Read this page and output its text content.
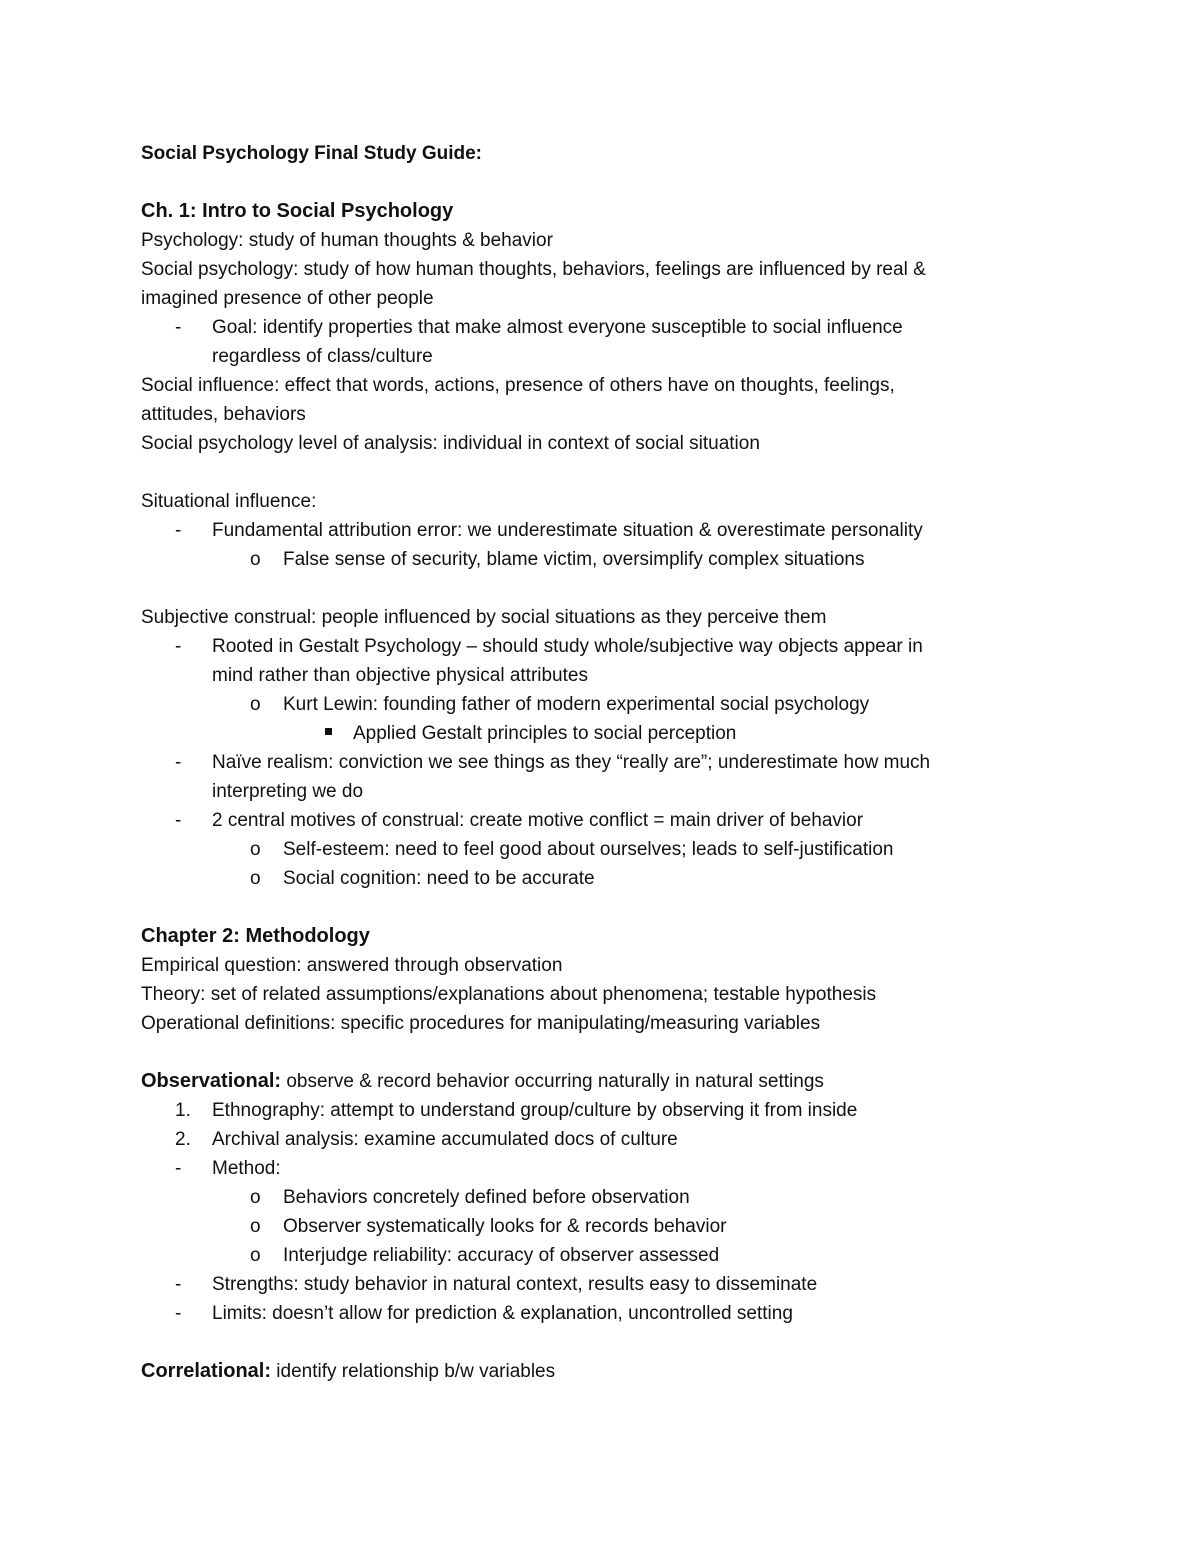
Social Psychology Final Study Guide:
Ch. 1: Intro to Social Psychology
Psychology: study of human thoughts & behavior
Social psychology: study of how human thoughts, behaviors, feelings are influenced by real &
imagined presence of other people
- Goal: identify properties that make almost everyone susceptible to social influence
regardless of class/culture
Social influence: effect that words, actions, presence of others have on thoughts, feelings,
attitudes, behaviors
Social psychology level of analysis: individual in context of social situation
Situational influence:
- Fundamental attribution error: we underestimate situation & overestimate personality
o False sense of security, blame victim, oversimplify complex situations
Subjective construal: people influenced by social situations as they perceive them
- Rooted in Gestalt Psychology – should study whole/subjective way objects appear in
mind rather than objective physical attributes
o Kurt Lewin: founding father of modern experimental social psychology
Applied Gestalt principles to social perception
- Naïve realism: conviction we see things as they “really are”; underestimate how much
interpreting we do
- 2 central motives of construal: create motive conflict = main driver of behavior
o Self-esteem: need to feel good about ourselves; leads to self-justification
o Social cognition: need to be accurate
Chapter 2: Methodology
Empirical question: answered through observation
Theory: set of related assumptions/explanations about phenomena; testable hypothesis
Operational definitions: specific procedures for manipulating/measuring variables
Observational: observe & record behavior occurring naturally in natural settings
1. Ethnography: attempt to understand group/culture by observing it from inside
2. Archival analysis: examine accumulated docs of culture
- Method:
o Behaviors concretely defined before observation
o Observer systematically looks for & records behavior
o Interjudge reliability: accuracy of observer assessed
- Strengths: study behavior in natural context, results easy to disseminate
- Limits: doesn’t allow for prediction & explanation, uncontrolled setting
Correlational: identify relationship b/w variables
